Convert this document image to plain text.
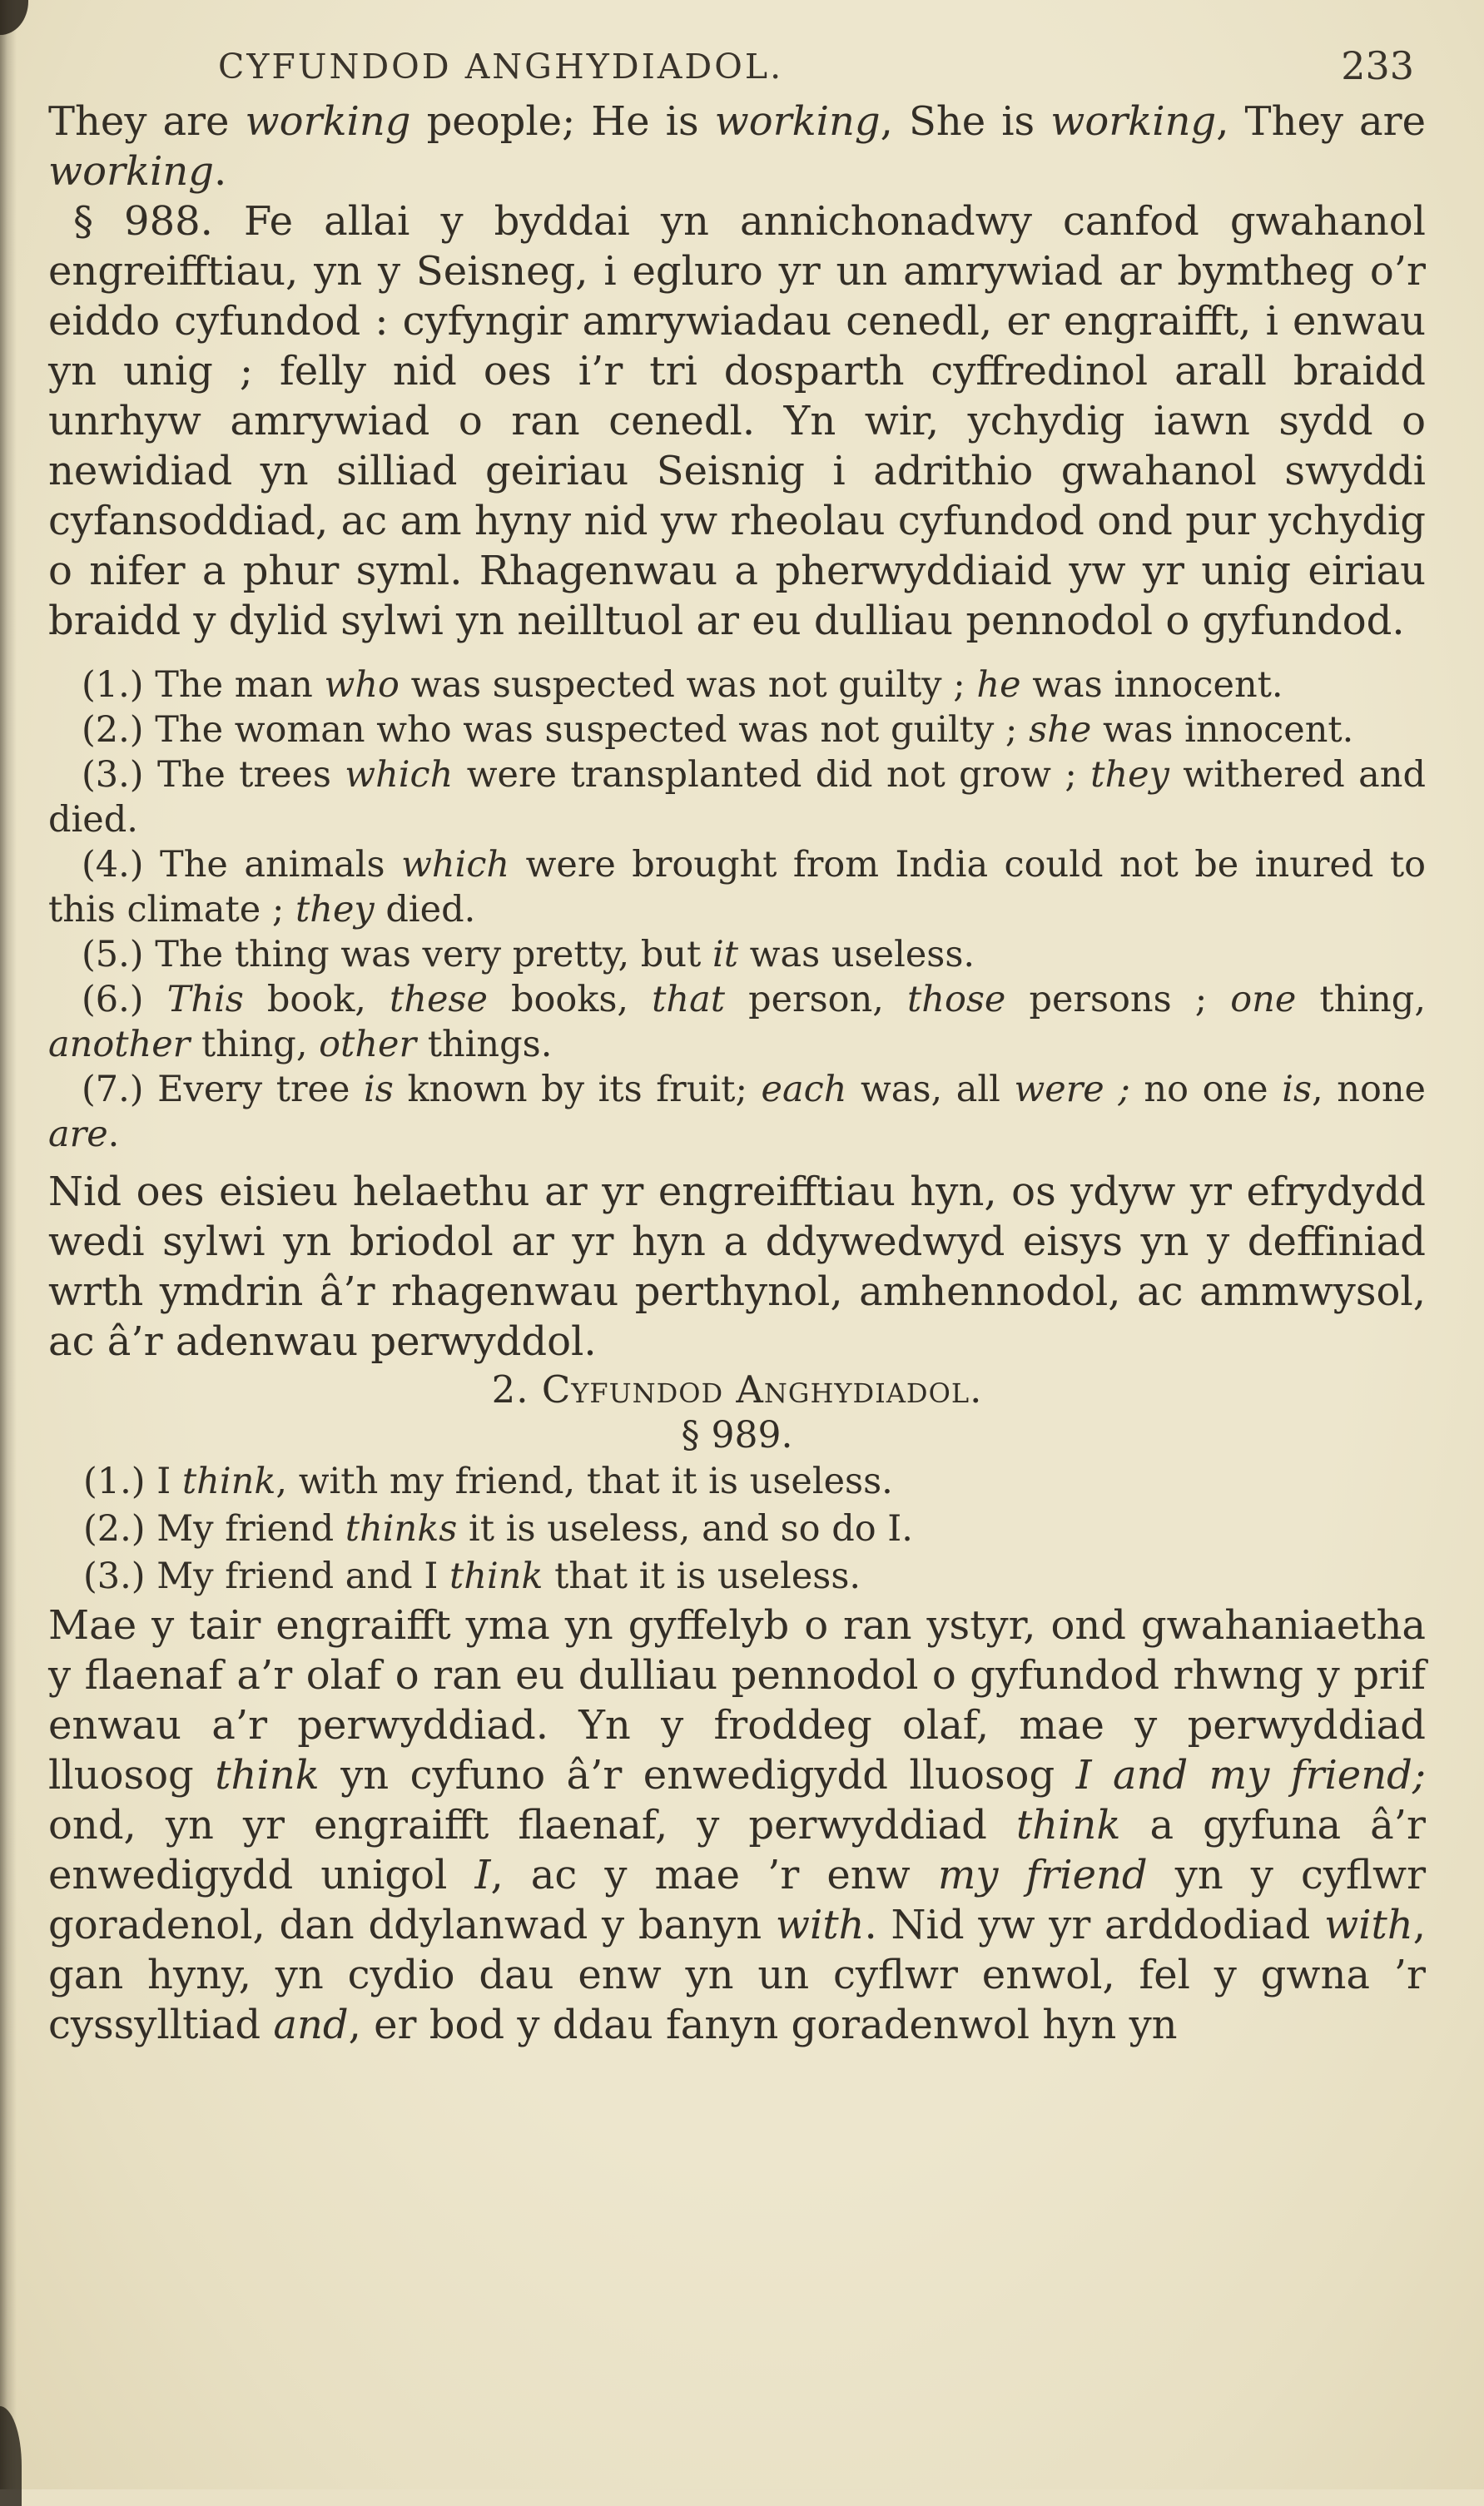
CYFUNDOD ANGHYDIADOL.	233

They are working people; He is working, She is working, They are working.

§ 988. Fe allai y byddai yn annichonadwy canfod gwahanol engreifftiau, yn y Seisneg, i egluro yr un amrywiad ar bymtheg o’r eiddo cyfundod : cyfyngir amrywiadau cenedl, er engraifft, i enwau yn unig ; felly nid oes i’r tri dosparth cyffredinol arall braidd unrhyw amrywiad o ran cenedl. Yn wir, ychydig iawn sydd o newidiad yn silliad geiriau Seisnig i adrithio gwahanol swyddi cyfansoddiad, ac am hyny nid yw rheolau cyfundod ond pur ychydig o nifer a phur syml. Rhagenwau a pherwyddiaid yw yr unig eiriau braidd y dylid sylwi yn neilltuol ar eu dulliau pennodol o gyfundod.

(1.) The man who was suspected was not guilty ; he was innocent.

(2.) The woman who was suspected was not guilty ; she was innocent.

(3.) The trees which were transplanted did not grow ; they withered and died.

(4.) The animals which were brought from India could not be inured to this climate ; they died.

(5.) The thing was very pretty, but it was useless.

(6.) This book, these books, that person, those persons ; one thing, another thing, other things.

(7.) Every tree is known by its fruit; each was, all were ; no one is, none are.

Nid oes eisieu helaethu ar yr engreifftiau hyn, os ydyw yr efrydydd wedi sylwi yn briodol ar yr hyn a ddywedwyd eisys yn y deffiniad wrth ymdrin â’r rhagenwau perthynol, amhennodol, ac ammwysol, ac â’r adenwau perwyddol.

2. Cyfundod Anghydiadol.

§ 989.

(1.) I think, with my friend, that it is useless.

(2.) My friend thinks it is useless, and so do I.

(3.) My friend and I think that it is useless.

Mae y tair engraifft yma yn gyffelyb o ran ystyr, ond gwahaniaetha y flaenaf a’r olaf o ran eu dulliau pennodol o gyfundod rhwng y prif enwau a’r perwyddiad. Yn y froddeg olaf, mae y perwyddiad lluosog think yn cyfuno â’r enwedigydd lluosog I and my friend; ond, yn yr engraifft flaenaf, y perwyddiad think a gyfuna â’r enwedigydd unigol I, ac y mae ’r enw my friend yn y cyflwr goradenol, dan ddylanwad y banyn with. Nid yw yr arddodiad with, gan hyny, yn cydio dau enw yn un cyflwr enwol, fel y gwna ’r cyssylltiad and, er bod y ddau fanyn goradenwol hyn yn
